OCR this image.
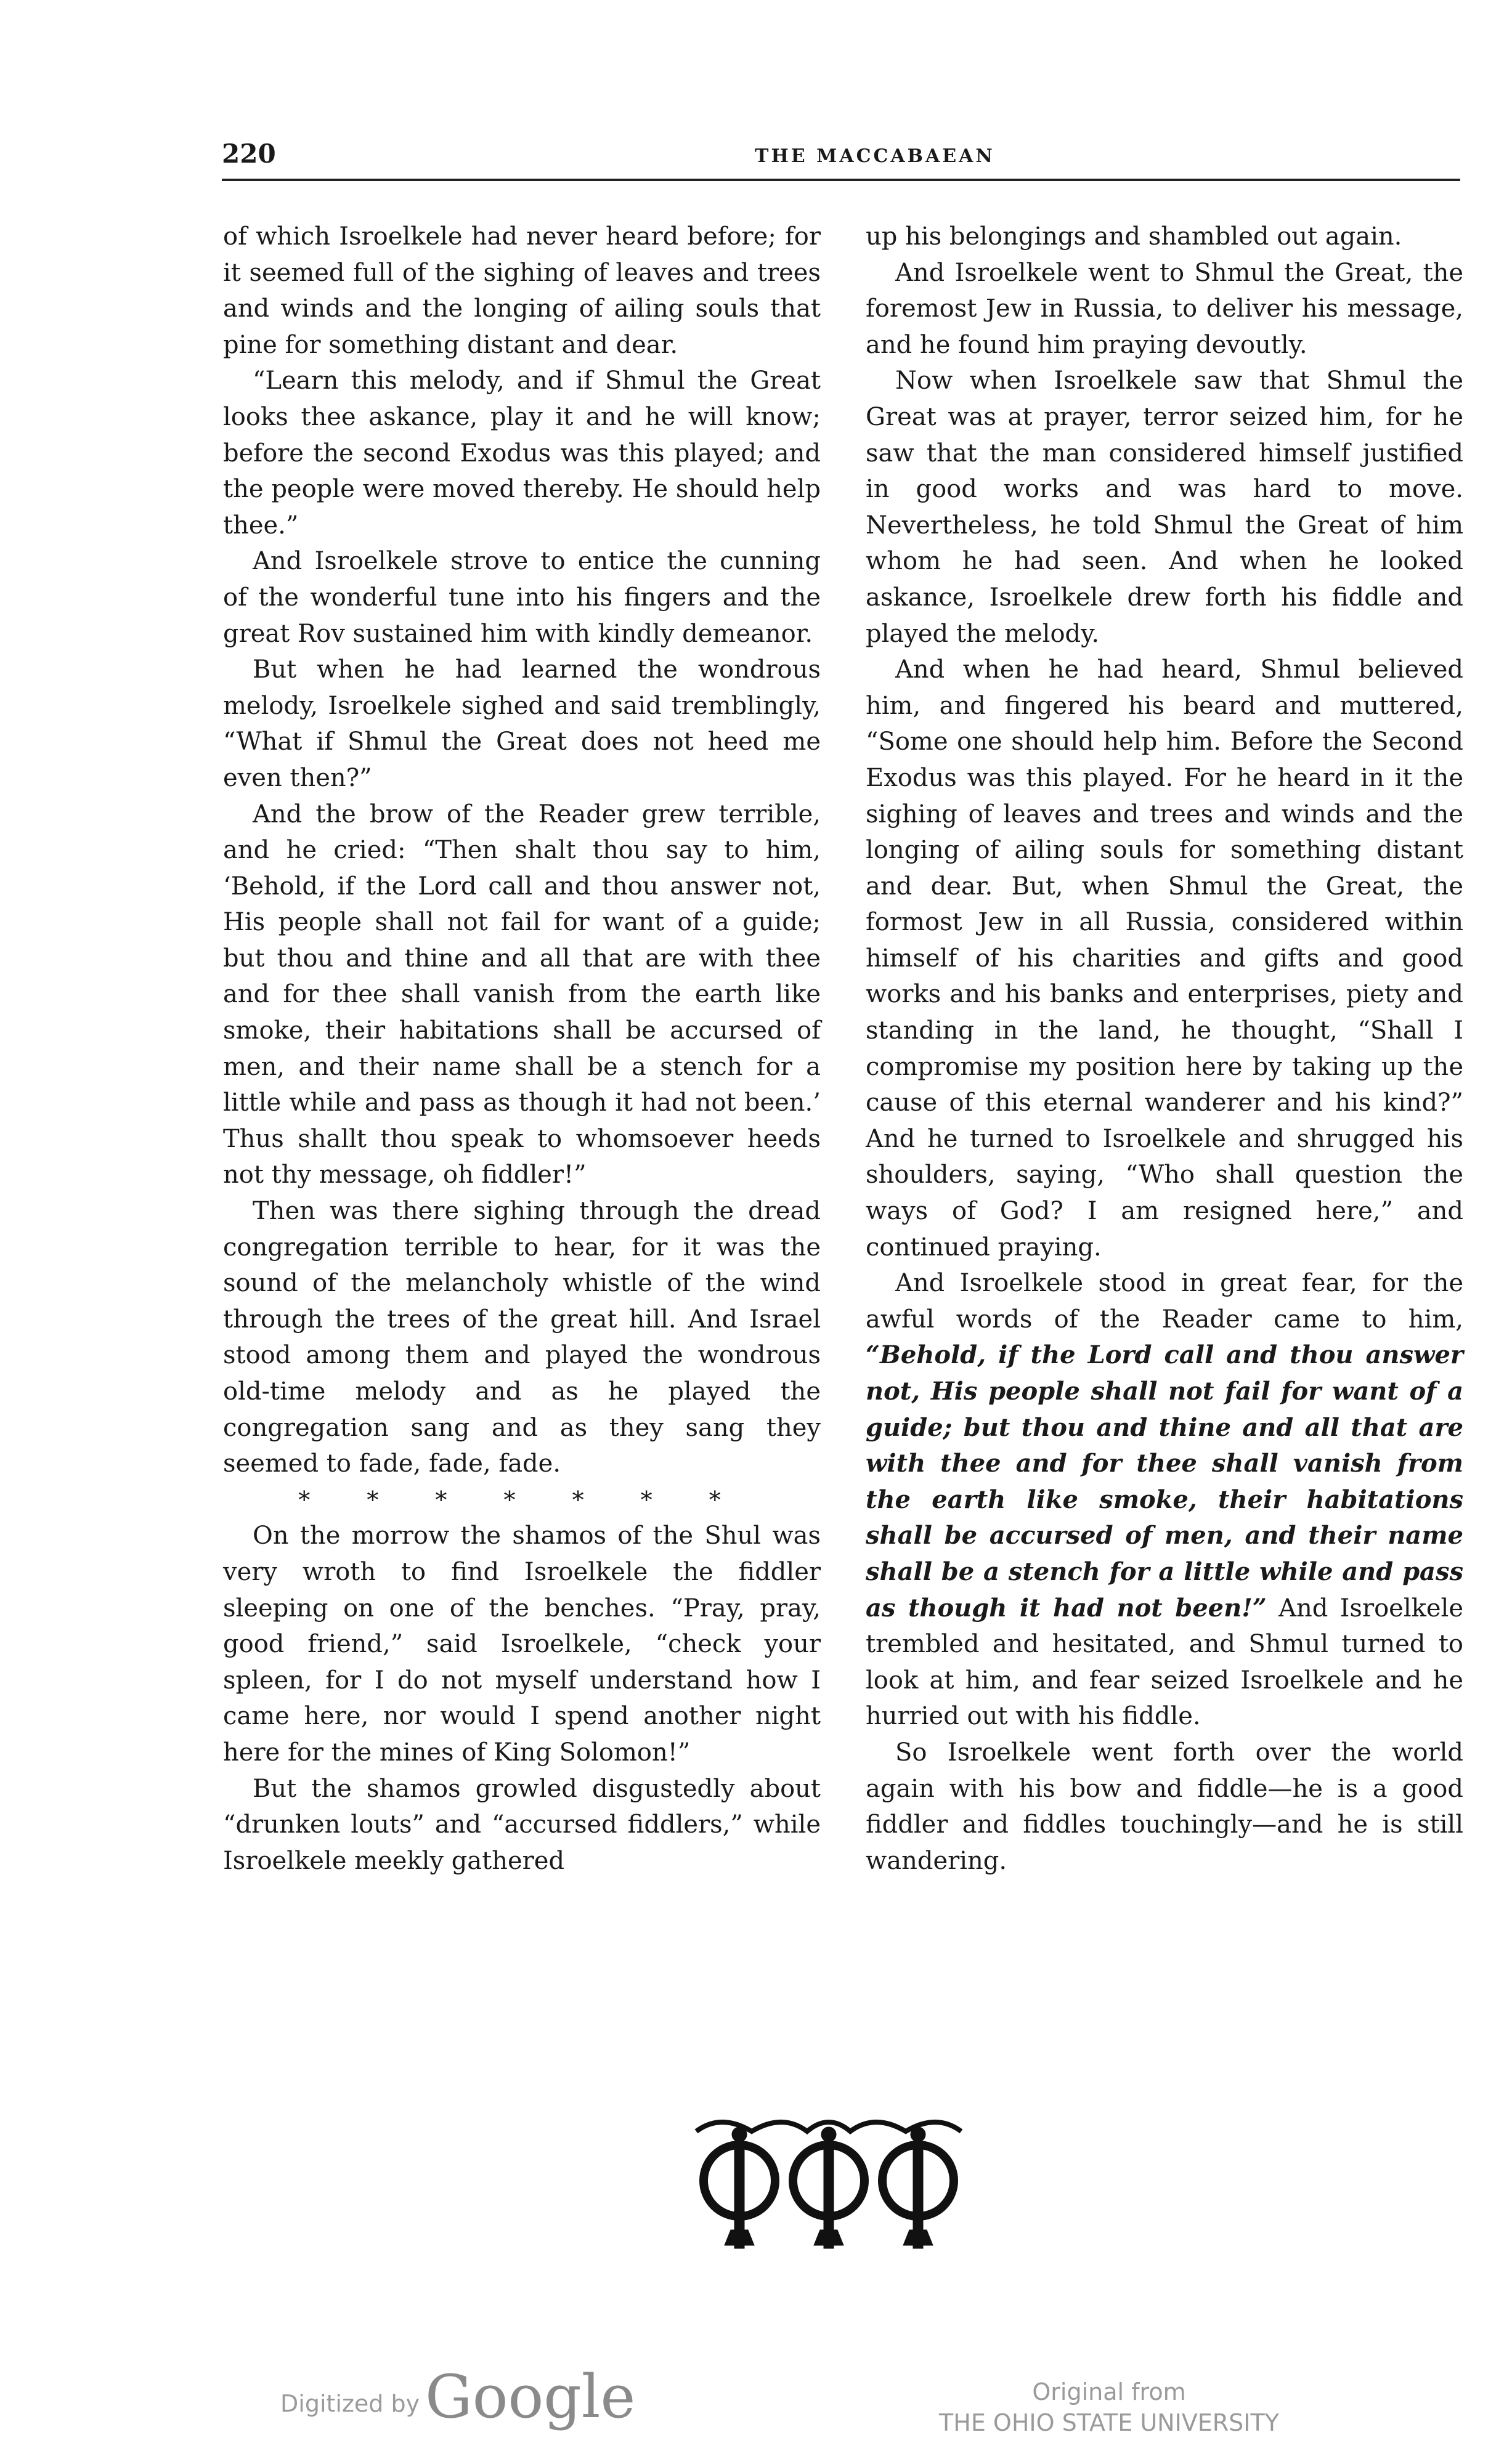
220	THE MACCABAEAN

of which Isroelkele had never heard before; for it seemed full of the sighing of leaves and trees and winds and the longing of ailing souls that pine for something distant and dear.

“Learn this melody, and if Shmul the Great looks thee askance, play it and he will know; before the second Exodus was this played; and the people were moved thereby. He should help thee.”

And Isroelkele strove to entice the cunning of the wonderful tune into his fingers and the great Rov sustained him with kindly demeanor.

But when he had learned the wondrous melody, Isroelkele sighed and said tremblingly, “What if Shmul the Great does not heed me even then?”

And the brow of the Reader grew terrible, and he cried: “Then shalt thou say to him, ‘Behold, if the Lord call and thou answer not, His people shall not fail for want of a guide; but thou and thine and all that are with thee and for thee shall vanish from the earth like smoke, their habitations shall be accursed of men, and their name shall be a stench for a little while and pass as though it had not been.’ Thus shallt thou speak to whomsoever heeds not thy message, oh fiddler!”

Then was there sighing through the dread congregation terrible to hear, for it was the sound of the melancholy whistle of the wind through the trees of the great hill. And Israel stood among them and played the wondrous old-time melody and as he played the congregation sang and as they sang they seemed to fade, fade, fade.

* * * * * * *

On the morrow the shamos of the Shul was very wroth to find Isroelkele the fiddler sleeping on one of the benches. “Pray, pray, good friend,” said Isroelkele, “check your spleen, for I do not myself understand how I came here, nor would I spend another night here for the mines of King Solomon!”

But the shamos growled disgustedly about “drunken louts” and “accursed fiddlers,” while Isroelkele meekly gathered

up his belongings and shambled out again.

And Isroelkele went to Shmul the Great, the foremost Jew in Russia, to deliver his message, and he found him praying devoutly.

Now when Isroelkele saw that Shmul the Great was at prayer, terror seized him, for he saw that the man considered himself justified in good works and was hard to move. Nevertheless, he told Shmul the Great of him whom he had seen. And when he looked askance, Isroelkele drew forth his fiddle and played the melody.

And when he had heard, Shmul believed him, and fingered his beard and muttered, “Some one should help him. Before the Second Exodus was this played. For he heard in it the sighing of leaves and trees and winds and the longing of ailing souls for something distant and dear. But, when Shmul the Great, the formost Jew in all Russia, considered within himself of his charities and gifts and good works and his banks and enterprises, piety and standing in the land, he thought, “Shall I compromise my position here by taking up the cause of this eternal wanderer and his kind?” And he turned to Isroelkele and shrugged his shoulders, saying, “Who shall question the ways of God? I am resigned here,” and continued praying.

And Isroelkele stood in great fear, for the awful words of the Reader came to him, “Behold, if the Lord call and thou answer not, His people shall not fail for want of a guide; but thou and thine and all that are with thee and for thee shall vanish from the earth like smoke, their habitations shall be accursed of men, and their name shall be a stench for a little while and pass as though it had not been!” And Isroelkele trembled and hesitated, and Shmul turned to look at him, and fear seized Isroelkele and he hurried out with his fiddle.

So Isroelkele went forth over the world again with his bow and fiddle—he is a good fiddler and fiddles touchingly—and he is still wandering.

Digitized by Google	Original from
THE OHIO STATE UNIVERSITY
